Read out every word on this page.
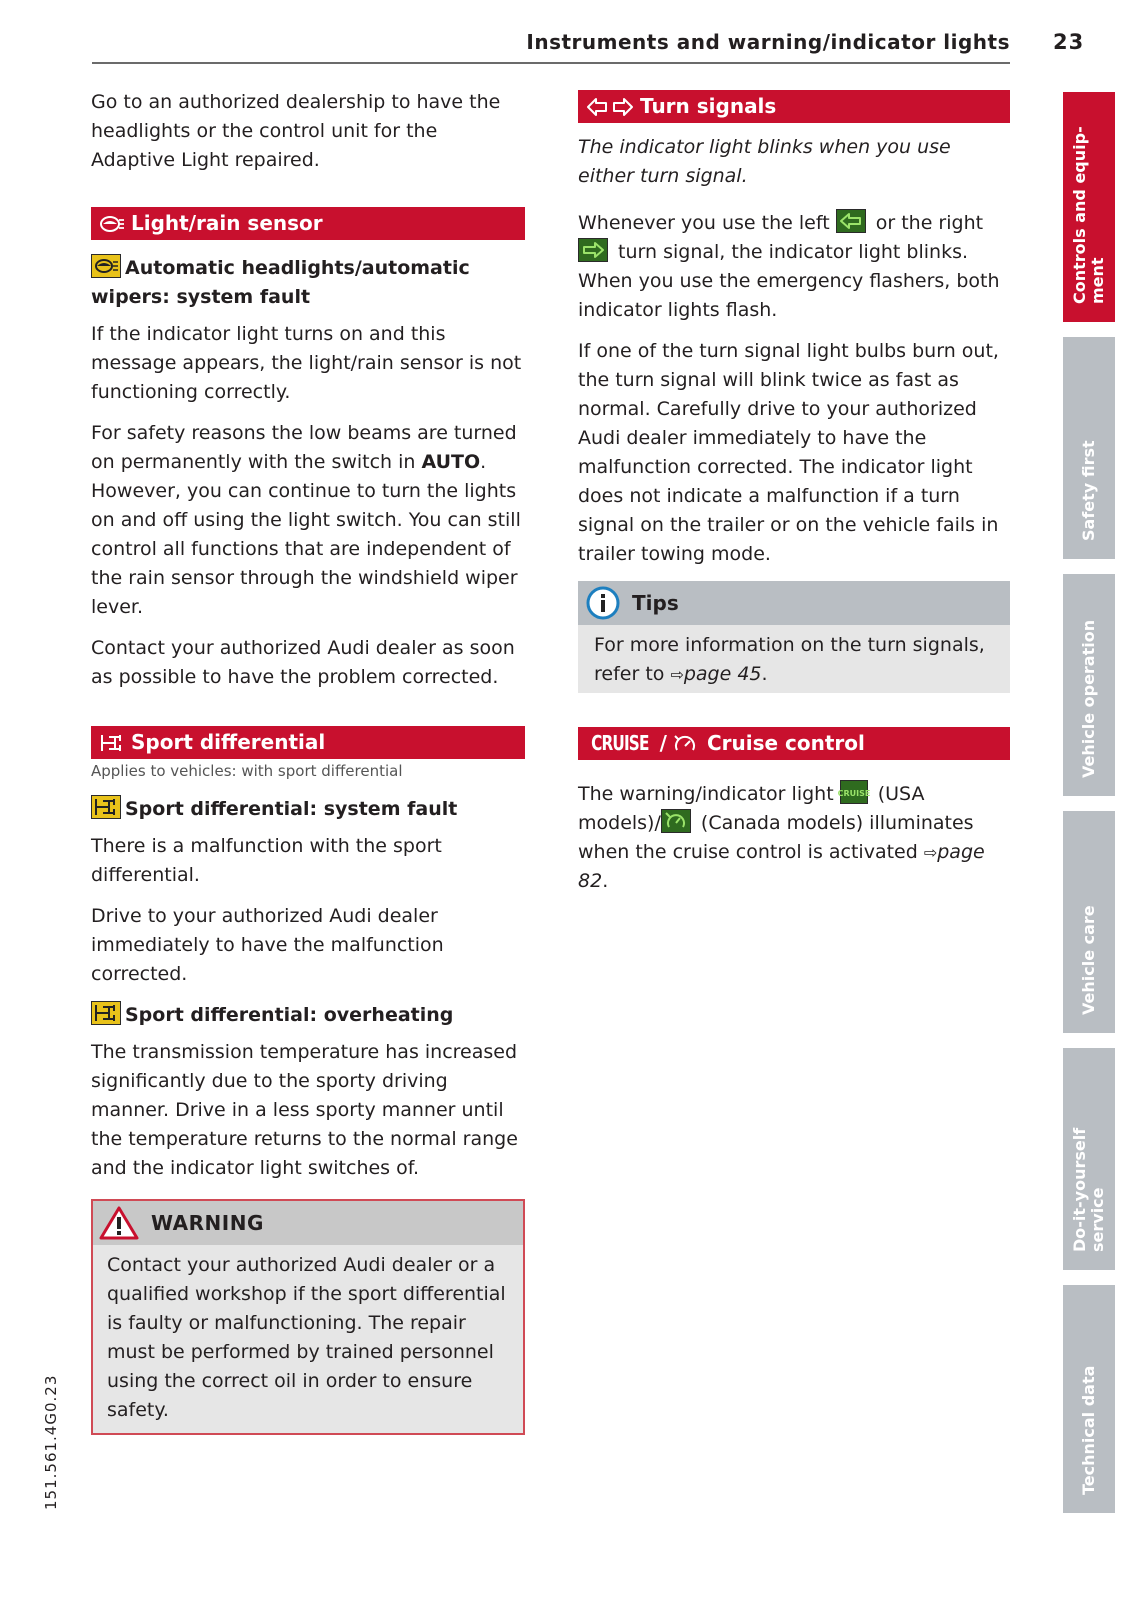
Instruments and warning/indicator lights 23

Go to an authorized dealership to have the headlights or the control unit for the Adaptive Light repaired.

Light/rain sensor
Automatic headlights/automatic wipers: system fault

If the indicator light turns on and this message appears, the light/rain sensor is not functioning correctly.

For safety reasons the low beams are turned on permanently with the switch in AUTO. However, you can continue to turn the lights on and off using the light switch. You can still control all functions that are independent of the rain sensor through the windshield wiper lever.

Contact your authorized Audi dealer as soon as possible to have the problem corrected.

Sport differential
Applies to vehicles: with sport differential
Sport differential: system fault

There is a malfunction with the sport differential.

Drive to your authorized Audi dealer immediately to have the malfunction corrected.

Sport differential: overheating

The transmission temperature has increased significantly due to the sporty driving manner. Drive in a less sporty manner until the temperature returns to the normal range and the indicator light switches of.

WARNING

Contact your authorized Audi dealer or a qualified workshop if the sport differential is faulty or malfunctioning. The repair must be performed by trained personnel using the correct oil in order to ensure safety.

Turn signals

The indicator light blinks when you use either turn signal.

Whenever you use the left
or the right
turn signal, the indicator light blinks. When you use the emergency flashers, both indicator lights flash.

If one of the turn signal light bulbs burn out, the turn signal will blink twice as fast as normal. Carefully drive to your authorized Audi dealer immediately to have the malfunction corrected. The indicator light does not indicate a malfunction if a turn signal on the trailer or on the vehicle fails in trailer towing mode.

Tips

For more information on the turn signals, refer to ⇨page 45.

CRUISE / Cruise control

The warning/indicator light
CRUISE (USA models)/
(Canada models) illuminates when the cruise control is activated ⇨page 82.

Controls and equip-
ment
Safety first
Vehicle operation
Vehicle care
Do-it-yourself
service
Technical data
151.561.4G0.23
